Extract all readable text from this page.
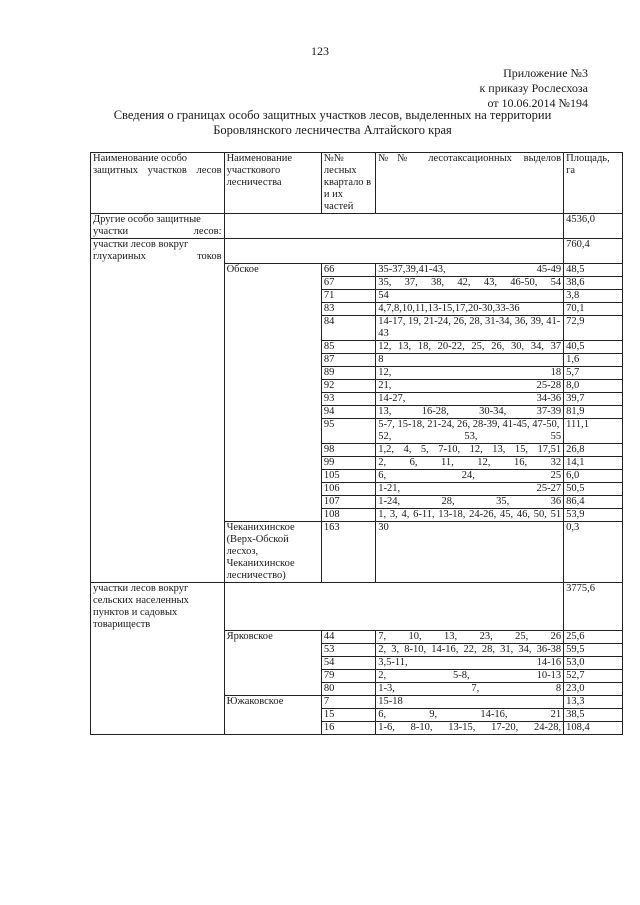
123
Приложение №3
к приказу Рослесхоза
от 10.06.2014 №194
Сведения о границах особо защитных участков лесов, выделенных на территории
Боровлянского лесничества Алтайского края
Наименование особо защитных участков лесов	Наименование участкового лесничества	№№ лесных квартало в и их частей	№№ лесотаксационных выделов	Площадь, га
Другие особо защитные участки лесов:				4536,0
участки лесов вокруг глухариных токов				760,4
	Обское	66	35-37,39,41-43, 45-49	48,5
		67	35, 37, 38, 42, 43, 46-50, 54	38,6
		71	54	3,8
		83	4,7,8,10,11,13-15,17,20-30,33-36	70,1
		84	14-17, 19, 21-24, 26, 28, 31-34, 36, 39, 41-43	72,9
		85	12, 13, 18, 20-22, 25, 26, 30, 34, 37	40,5
		87	8	1,6
		89	12, 18	5,7
		92	21, 25-28	8,0
		93	14-27, 34-36	39,7
		94	13, 16-28, 30-34, 37-39	81,9
		95	5-7, 15-18, 21-24, 26, 28-39, 41-45, 47-50, 52, 53, 55	111,1
		98	1,2, 4, 5, 7-10, 12, 13, 15, 17,51	26,8
		99	2, 6, 11, 12, 16, 32	14,1
		105	6, 24, 25	6,0
		106	1-21, 25-27	50,5
		107	1-24, 28, 35, 36	86,4
		108	1, 3, 4, 6-11, 13-18, 24-26, 45, 46, 50, 51	53,9
	Чеканихинское (Верх-Обской лесхоз, Чеканихинское лесничество)	163	30	0,3
участки лесов вокруг сельских населенных пунктов и садовых товариществ				3775,6
	Ярковское	44	7, 10, 13, 23, 25, 26	25,6
		53	2, 3, 8-10, 14-16, 22, 28, 31, 34, 36-38	59,5
		54	3,5-11, 14-16	53,0
		79	2, 5-8, 10-13	52,7
		80	1-3, 7, 8	23,0
	Южаковское	7	15-18	13,3
		15	6, 9, 14-16, 21	38,5
		16	1-6, 8-10, 13-15, 17-20, 24-28,	108,4
